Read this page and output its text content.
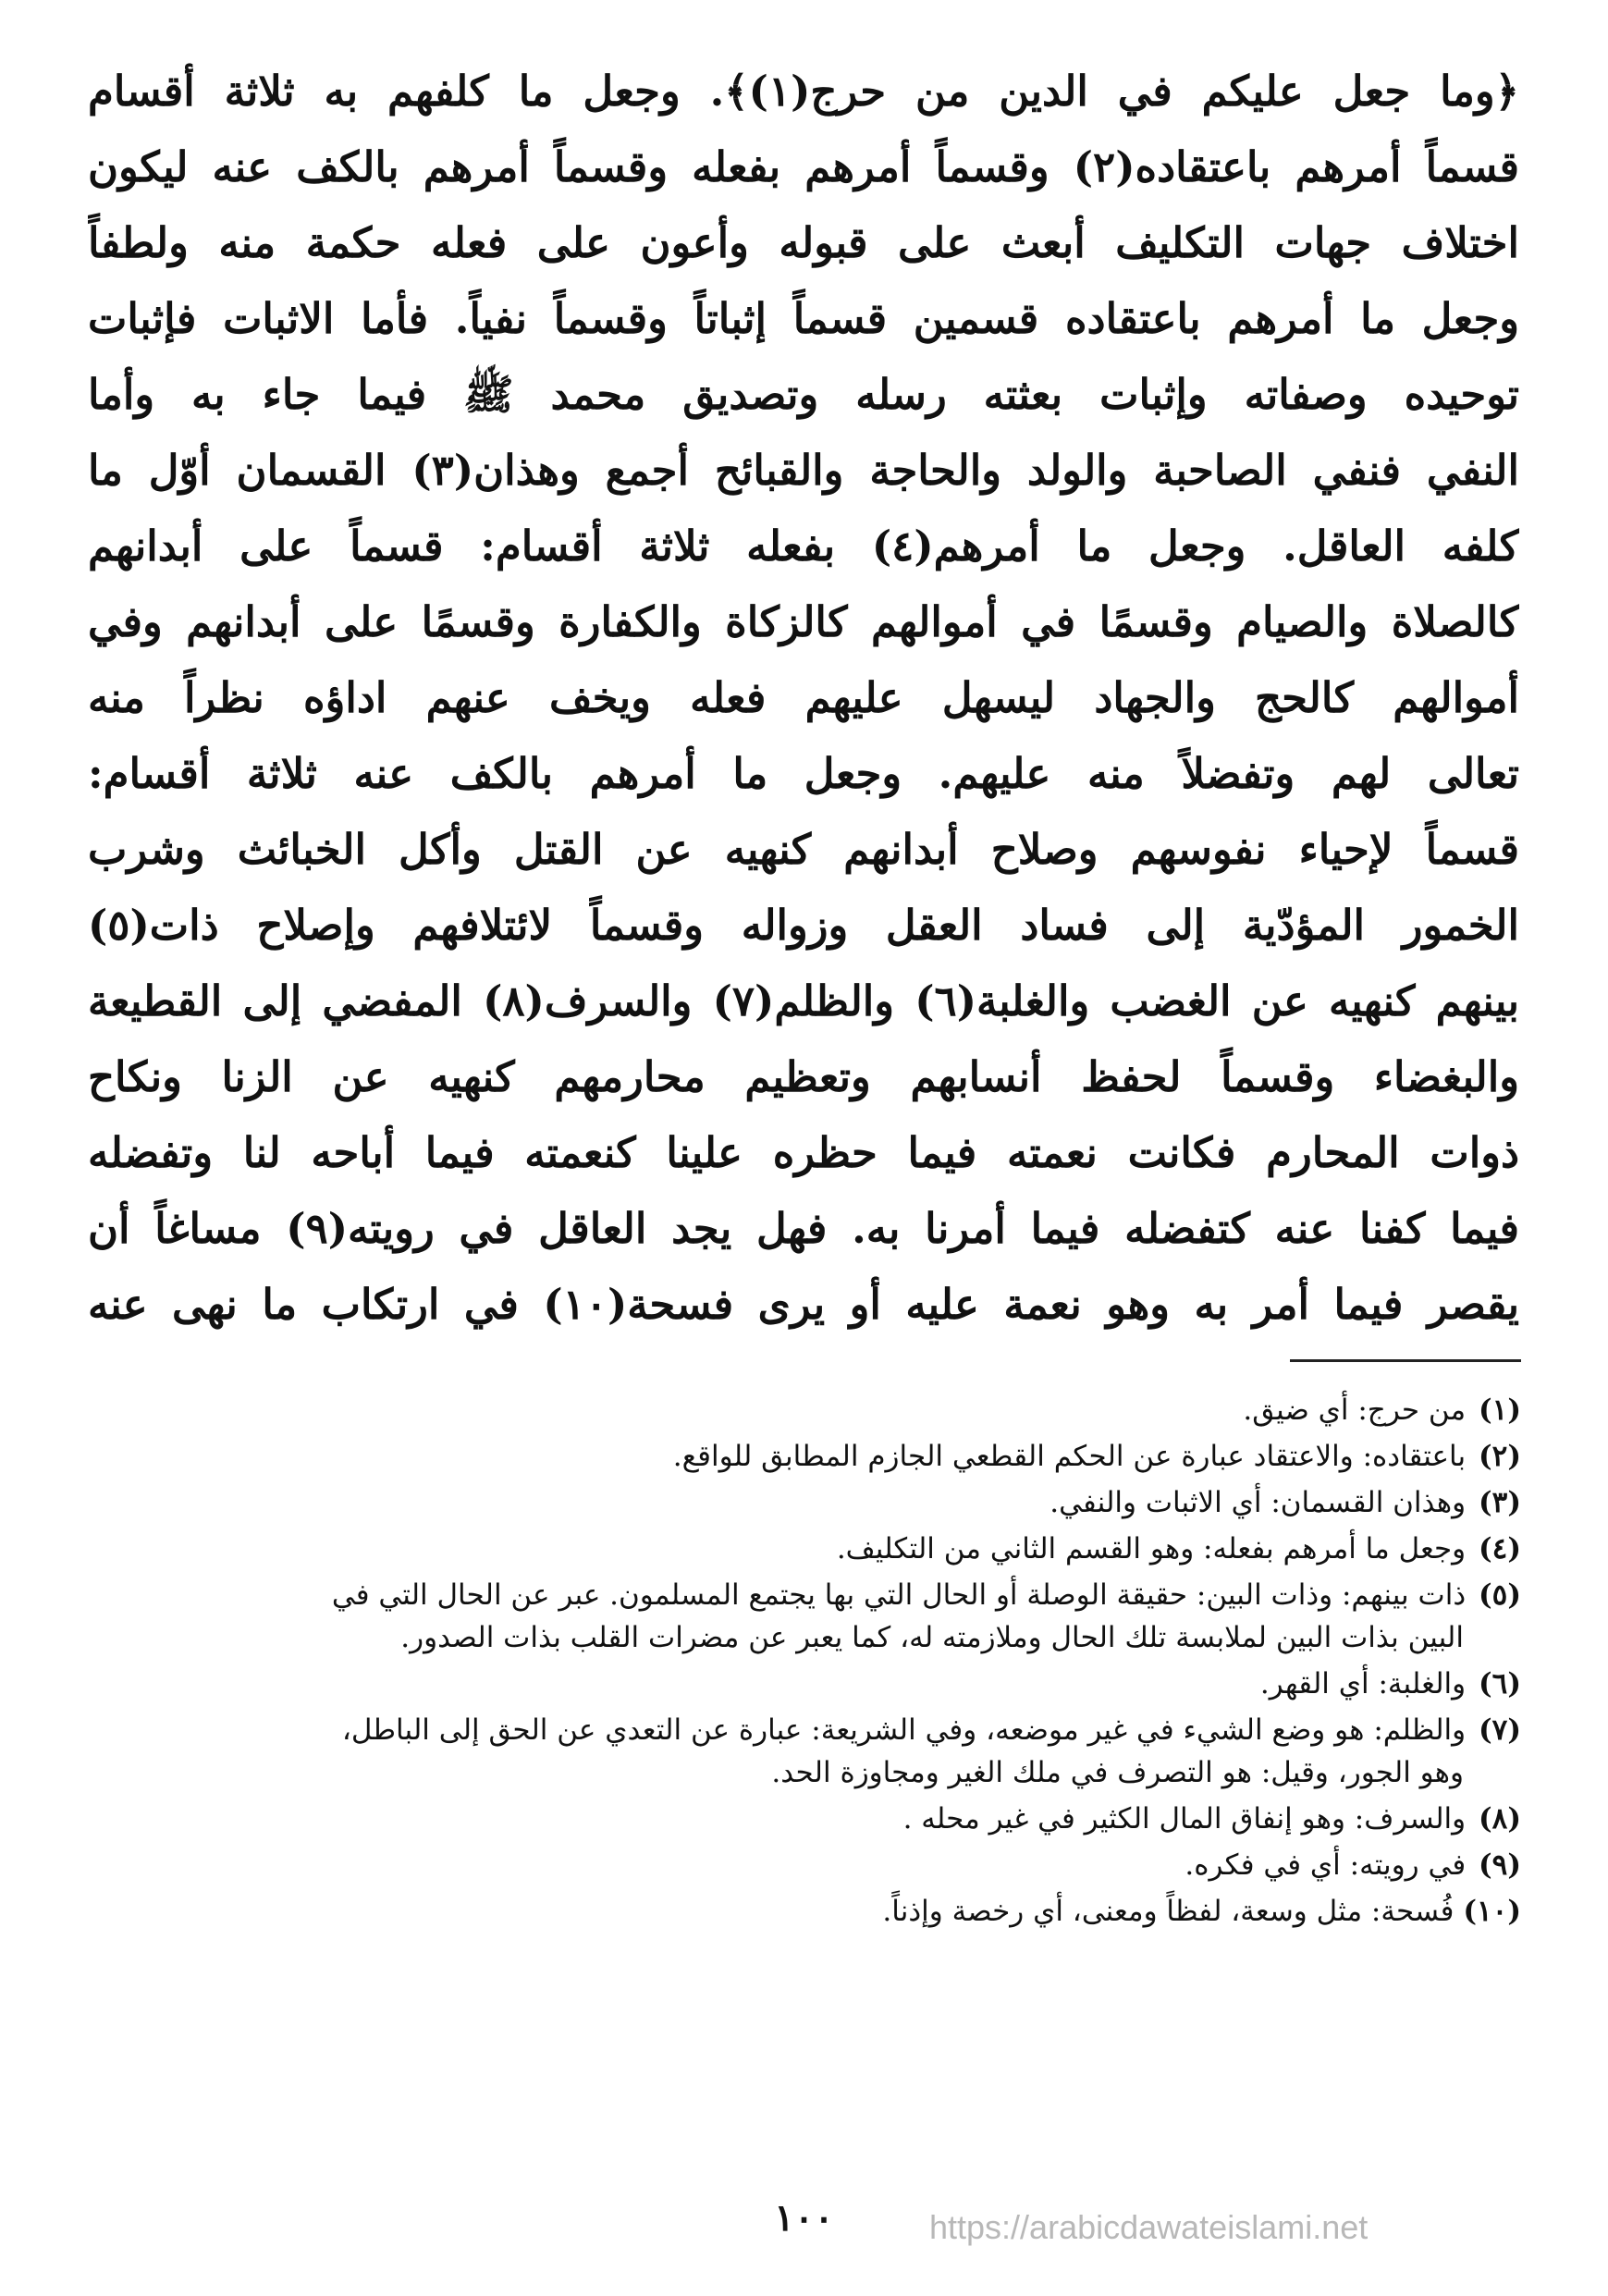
﴿وما جعل عليكم في الدين من حرج(١)﴾. وجعل ما كلفهم به ثلاثة أقسام
قسماً أمرهم باعتقاده(٢) وقسماً أمرهم بفعله وقسماً أمرهم بالكف عنه ليكون
اختلاف جهات التكليف أبعث على قبوله وأعون على فعله حكمة منه ولطفاً
وجعل ما أمرهم باعتقاده قسمين قسماً إثباتاً وقسماً نفياً. فأما الاثبات فإثبات
توحيده وصفاته وإثبات بعثته رسله وتصديق محمد ﷺ فيما جاء به وأما
النفي فنفي الصاحبة والولد والحاجة والقبائح أجمع وهذان(٣) القسمان أوّل ما
كلفه العاقل. وجعل ما أمرهم(٤) بفعله ثلاثة أقسام: قسماً على أبدانهم
كالصلاة والصيام وقسمًا في أموالهم كالزكاة والكفارة وقسمًا على أبدانهم وفي
أموالهم كالحج والجهاد ليسهل عليهم فعله ويخف عنهم اداؤه نظراً منه
تعالى لهم وتفضلاً منه عليهم. وجعل ما أمرهم بالكف عنه ثلاثة أقسام:
قسماً لإحياء نفوسهم وصلاح أبدانهم كنهيه عن القتل وأكل الخبائث وشرب
الخمور المؤدّية إلى فساد العقل وزواله وقسماً لائتلافهم وإصلاح ذات(٥)
بينهم كنهيه عن الغضب والغلبة(٦) والظلم(٧) والسرف(٨) المفضي إلى القطيعة
والبغضاء وقسماً لحفظ أنسابهم وتعظيم محارمهم كنهيه عن الزنا ونكاح
ذوات المحارم فكانت نعمته فيما حظره علينا كنعمته فيما أباحه لنا وتفضله
فيما كفنا عنه كتفضله فيما أمرنا به. فهل يجد العاقل في رويته(٩) مساغاً أن
يقصر فيما أمر به وهو نعمة عليه أو يرى فسحة(١٠) في ارتكاب ما نهى عنه
(١) من حرج: أي ضيق.
(٢) باعتقاده: والاعتقاد عبارة عن الحكم القطعي الجازم المطابق للواقع.
(٣) وهذان القسمان: أي الاثبات والنفي.
(٤) وجعل ما أمرهم بفعله: وهو القسم الثاني من التكليف.
(٥) ذات بينهم: وذات البين: حقيقة الوصلة أو الحال التي بها يجتمع المسلمون. عبر عن الحال التي في
البين بذات البين لملابسة تلك الحال وملازمته له، كما يعبر عن مضرات القلب بذات الصدور.
(٦) والغلبة: أي القهر.
(٧) والظلم: هو وضع الشيء في غير موضعه، وفي الشريعة: عبارة عن التعدي عن الحق إلى الباطل،
وهو الجور، وقيل: هو التصرف في ملك الغير ومجاوزة الحد.
(٨) والسرف: وهو إنفاق المال الكثير في غير محله .
(٩) في رويته: أي في فكره.
(١٠) فُسحة: مثل وسعة، لفظاً ومعنى، أي رخصة وإذناً.
١٠٠	https://arabicdawateislami.net
